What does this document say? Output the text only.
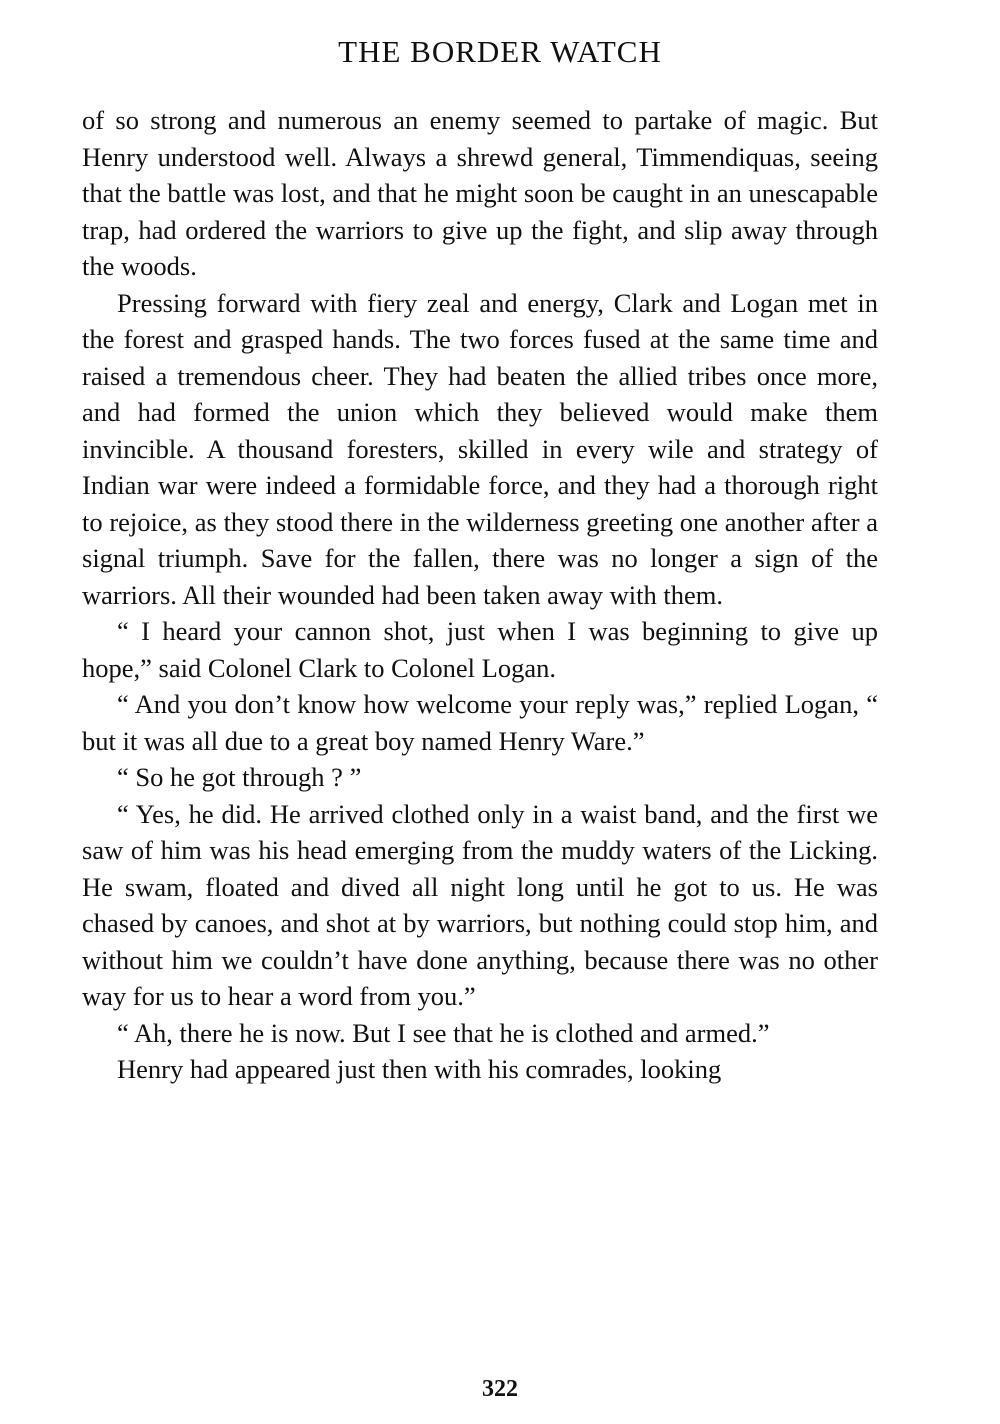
THE BORDER WATCH

of so strong and numerous an enemy seemed to partake of magic. But Henry understood well. Always a shrewd general, Timmendiquas, seeing that the battle was lost, and that he might soon be caught in an unescapable trap, had ordered the warriors to give up the fight, and slip away through the woods.

Pressing forward with fiery zeal and energy, Clark and Logan met in the forest and grasped hands. The two forces fused at the same time and raised a tremendous cheer. They had beaten the allied tribes once more, and had formed the union which they believed would make them invincible. A thousand foresters, skilled in every wile and strategy of Indian war were indeed a formidable force, and they had a thorough right to rejoice, as they stood there in the wilderness greeting one another after a signal triumph. Save for the fallen, there was no longer a sign of the warriors. All their wounded had been taken away with them.

“ I heard your cannon shot, just when I was beginning to give up hope,” said Colonel Clark to Colonel Logan.

“ And you don’t know how welcome your reply was,” replied Logan, “ but it was all due to a great boy named Henry Ware.”

“ So he got through ? ”

“ Yes, he did. He arrived clothed only in a waist band, and the first we saw of him was his head emerging from the muddy waters of the Licking. He swam, floated and dived all night long until he got to us. He was chased by canoes, and shot at by warriors, but nothing could stop him, and without him we couldn’t have done anything, because there was no other way for us to hear a word from you.”

“ Ah, there he is now. But I see that he is clothed and armed.”

Henry had appeared just then with his comrades, looking

322
